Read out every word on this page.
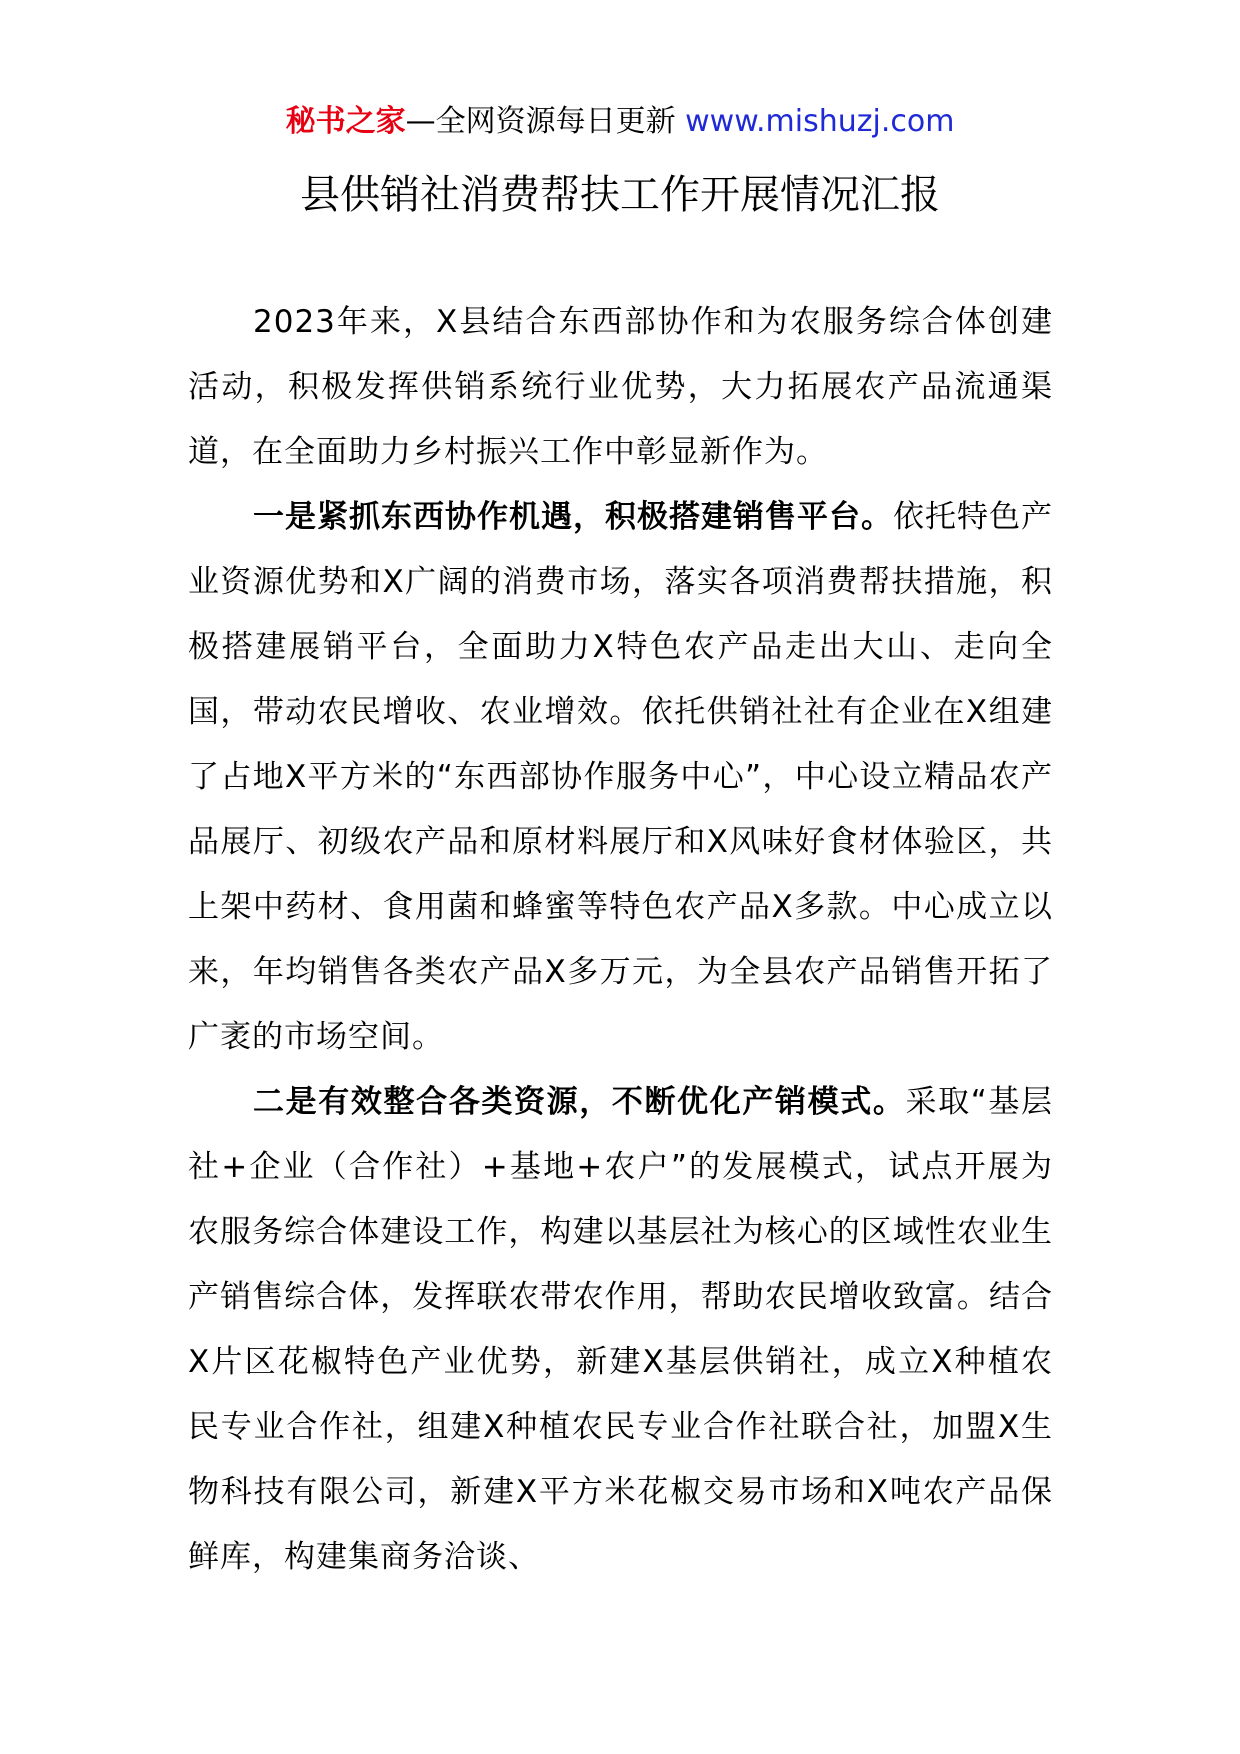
秘书之家—全网资源每日更新 www.mishuzj.com
县供销社消费帮扶工作开展情况汇报

2023年来，X县结合东西部协作和为农服务综合体创建活动，积极发挥供销系统行业优势，大力拓展农产品流通渠道，在全面助力乡村振兴工作中彰显新作为。

一是紧抓东西协作机遇，积极搭建销售平台。依托特色产业资源优势和X广阔的消费市场，落实各项消费帮扶措施，积极搭建展销平台，全面助力X特色农产品走出大山、走向全国，带动农民增收、农业增效。依托供销社社有企业在X组建了占地X平方米的“东西部协作服务中心”，中心设立精品农产品展厅、初级农产品和原材料展厅和X风味好食材体验区，共上架中药材、食用菌和蜂蜜等特色农产品X多款。中心成立以来，年均销售各类农产品X多万元，为全县农产品销售开拓了广袤的市场空间。

二是有效整合各类资源，不断优化产销模式。采取“基层社+企业（合作社）+基地+农户”的发展模式，试点开展为农服务综合体建设工作，构建以基层社为核心的区域性农业生产销售综合体，发挥联农带农作用，帮助农民增收致富。结合X片区花椒特色产业优势，新建X基层供销社，成立X种植农民专业合作社，组建X种植农民专业合作社联合社，加盟X生物科技有限公司，新建X平方米花椒交易市场和X吨农产品保鲜库，构建集商务洽谈、
